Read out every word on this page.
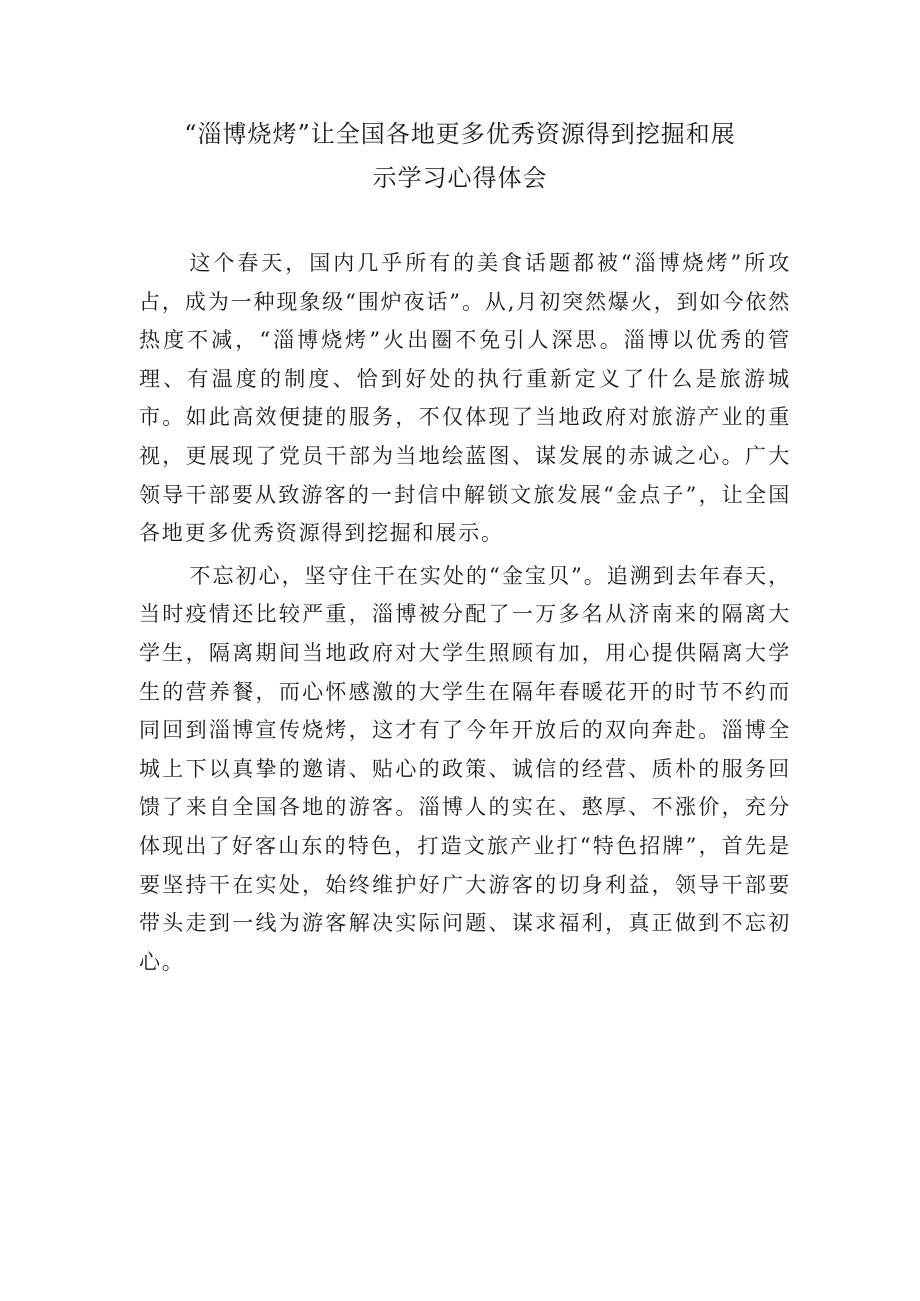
“淄博烧烤”让全国各地更多优秀资源得到挖掘和展
示学习心得体会

这个春天，国内几乎所有的美食话题都被“淄博烧烤”所攻占，成为一种现象级“围炉夜话”。从,月初突然爆火，到如今依然热度不减，“淄博烧烤”火出圈不免引人深思。淄博以优秀的管理、有温度的制度、恰到好处的执行重新定义了什么是旅游城市。如此高效便捷的服务，不仅体现了当地政府对旅游产业的重视，更展现了党员干部为当地绘蓝图、谋发展的赤诚之心。广大领导干部要从致游客的一封信中解锁文旅发展“金点子”，让全国各地更多优秀资源得到挖掘和展示。

不忘初心，坚守住干在实处的“金宝贝”。追溯到去年春天，当时疫情还比较严重，淄博被分配了一万多名从济南来的隔离大学生，隔离期间当地政府对大学生照顾有加，用心提供隔离大学生的营养餐，而心怀感激的大学生在隔年春暖花开的时节不约而同回到淄博宣传烧烤，这才有了今年开放后的双向奔赴。淄博全城上下以真挚的邀请、贴心的政策、诚信的经营、质朴的服务回馈了来自全国各地的游客。淄博人的实在、憨厚、不涨价，充分体现出了好客山东的特色，打造文旅产业打“特色招牌”，首先是要坚持干在实处，始终维护好广大游客的切身利益，领导干部要带头走到一线为游客解决实际问题、谋求福利，真正做到不忘初心。
